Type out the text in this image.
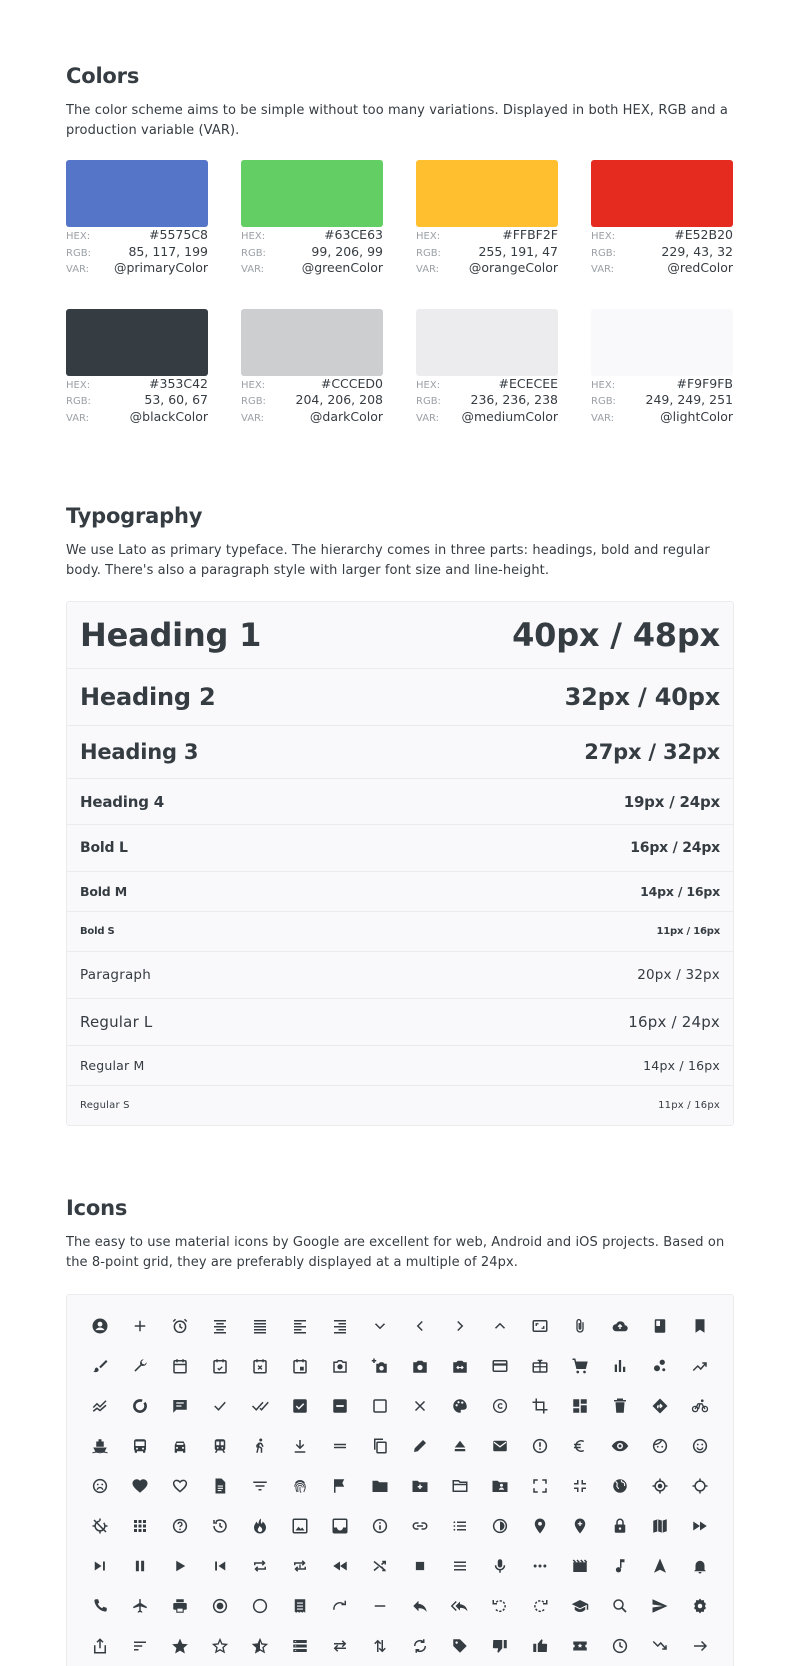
Colors

The color scheme aims to be simple without too many variations. Displayed in both HEX, RGB and a production variable (VAR).

HEX:	#5575C8
RGB:	85, 117, 199
VAR: @primaryColor
HEX:	#63CE63
RGB:	99, 206, 99
VAR:	@greenColor
HEX:	#FFBF2F
RGB:	255, 191, 47
VAR: @orangeColor
HEX:	#E52B20
RGB:	229, 43, 32
VAR:	@redColor
HEX:	#353C42
RGB:	53, 60, 67
VAR:	@blackColor
HEX:	#CCCED0
RGB: 204, 206, 208
VAR:	@darkColor
HEX:	#ECECEE
RGB: 236, 236, 238
VAR: @mediumColor
HEX:	#F9F9FB
RGB: 249, 249, 251
VAR:	@lightColor
Typography

We use Lato as primary typeface. The hierarchy comes in three parts: headings, bold and regular body. There's also a paragraph style with larger font size and line-height.

Heading 1	40px / 48px
Heading 2	32px / 40px
Heading 3	27px / 32px
Heading 4	19px / 24px
Bold L	16px / 24px
Bold M	14px / 16px
Bold S	11px / 16px
Paragraph	20px / 32px
Regular L	16px / 24px
Regular M	14px / 16px
Regular S	11px / 16px
Icons

The easy to use material icons by Google are excellent for web, Android and iOS projects. Based on the 8-point grid, they are preferably displayed at a multiple of 24px.
